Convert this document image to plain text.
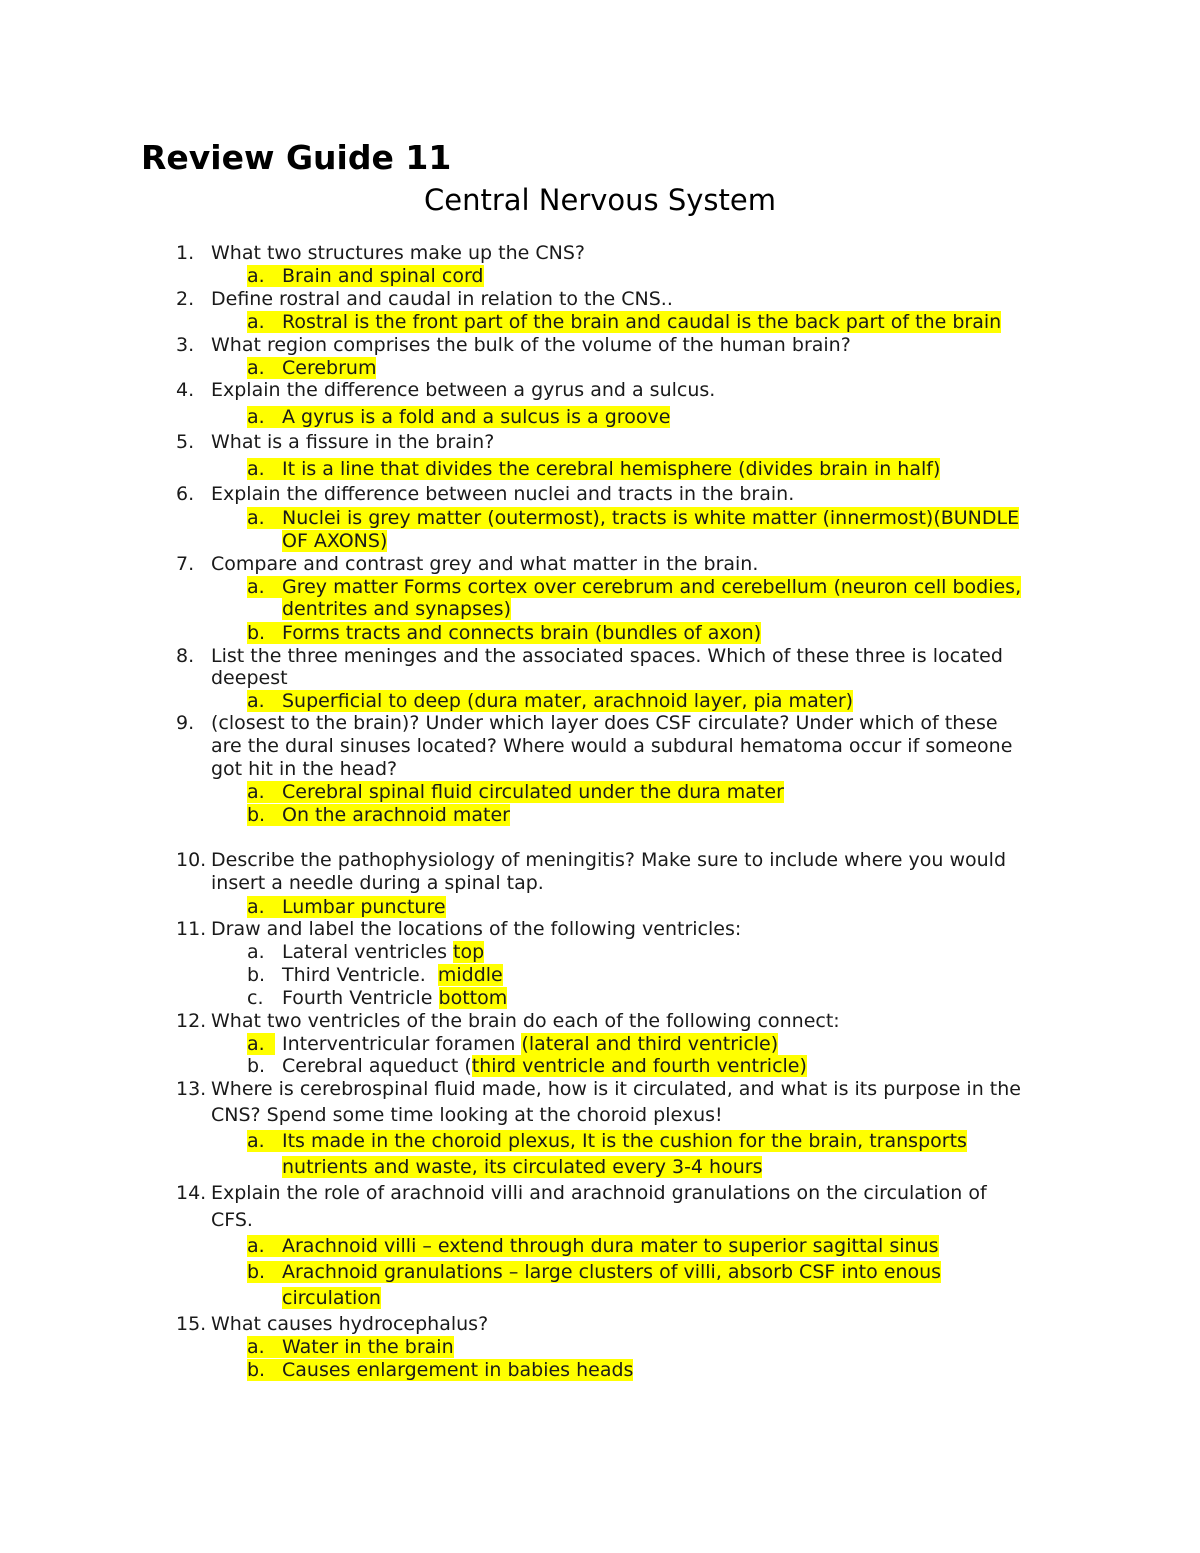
Review Guide 11
Central Nervous System
1. What two structures make up the CNS?
a. Brain and spinal cord
2. Define rostral and caudal in relation to the CNS..
a. Rostral is the front part of the brain and caudal is the back part of the brain
3. What region comprises the bulk of the volume of the human brain?
a. Cerebrum
4. Explain the difference between a gyrus and a sulcus.
a. A gyrus is a fold and a sulcus is a groove
5. What is a fissure in the brain?
a. It is a line that divides the cerebral hemisphere (divides brain in half)
6. Explain the difference between nuclei and tracts in the brain.
a. Nuclei is grey matter (outermost), tracts is white matter (innermost)(BUNDLE
OF AXONS)
7. Compare and contrast grey and what matter in the brain.
a. Grey matter Forms cortex over cerebrum and cerebellum (neuron cell bodies,
dentrites and synapses)
b. Forms tracts and connects brain (bundles of axon)
8. List the three meninges and the associated spaces. Which of these three is located
deepest
a. Superficial to deep (dura mater, arachnoid layer, pia mater)
9. (closest to the brain)? Under which layer does CSF circulate? Under which of these
are the dural sinuses located? Where would a subdural hematoma occur if someone
got hit in the head?
a. Cerebral spinal fluid circulated under the dura mater
b. On the arachnoid mater
10. Describe the pathophysiology of meningitis? Make sure to include where you would
insert a needle during a spinal tap.
a. Lumbar puncture
11. Draw and label the locations of the following ventricles:
a. Lateral ventricles top
b. Third Ventricle.  middle
c. Fourth Ventricle bottom
12. What two ventricles of the brain do each of the following connect:
a. Interventricular foramen (lateral and third ventricle)
b. Cerebral aqueduct (third ventricle and fourth ventricle)
13. Where is cerebrospinal fluid made, how is it circulated, and what is its purpose in the
CNS? Spend some time looking at the choroid plexus!
a. Its made in the choroid plexus, It is the cushion for the brain, transports
nutrients and waste, its circulated every 3-4 hours
14. Explain the role of arachnoid villi and arachnoid granulations on the circulation of
CFS.
a. Arachnoid villi – extend through dura mater to superior sagittal sinus
b. Arachnoid granulations – large clusters of villi, absorb CSF into enous
circulation
15. What causes hydrocephalus?
a. Water in the brain
b. Causes enlargement in babies heads
